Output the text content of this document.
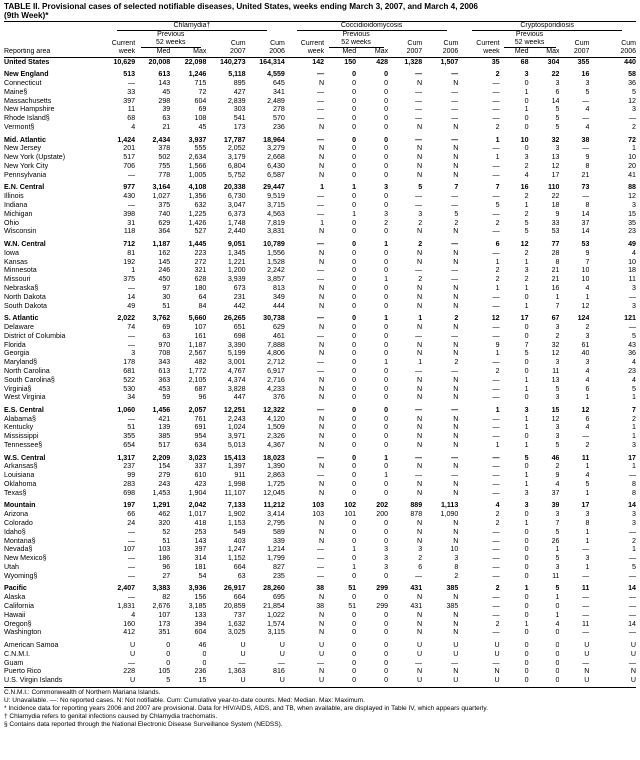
TABLE II. Provisional cases of selected notifiable diseases, United States, weeks ending March 3, 2007, and March 4, 2006
(9th Week)*
	Chlamydia†					Coccidioidomycosis					Cryptosporidiosis				
		Previous					Previous					Previous			
	Current	52 weeks		Cum	Cum	Current	52 weeks		Cum	Cum	Current	52 weeks		Cum	Cum
Reporting area	week	Med	Max	2007	2006	week	Med	Max	2007	2006	week	Med	Max	2007	2006
United States	10,629	20,008	22,098	140,273	164,314	142	150	428	1,328	1,507	35	68	304	355	440

New England	513	613	1,246	5,118	4,559	—	0	0	—	—	2	3	22	16	58
Connecticut	—	143	715	895	645	N	0	0	N	N	—	0	3	3	36
Maine§	33	45	72	427	341	—	0	0	—	—	—	1	6	5	5
Massachusetts	397	298	604	2,839	2,489	—	0	0	—	—	—	0	14	—	12
New Hampshire	11	39	69	303	278	—	0	0	—	—	—	1	5	4	3
Rhode Island§	68	63	108	541	570	—	0	0	—	—	—	0	5	—	—
Vermont§	4	21	45	173	236	N	0	0	N	N	2	0	5	4	2

Mid. Atlantic	1,424	2,434	3,937	17,787	18,964	—	0	0	—	—	1	10	32	38	72
New Jersey	201	378	555	2,052	3,279	N	0	0	N	N	—	0	3	—	1
New York (Upstate)	517	502	2,634	3,179	2,668	N	0	0	N	N	1	3	13	9	10
New York City	706	755	1,566	6,804	6,430	N	0	0	N	N	—	2	12	8	20
Pennsylvania	—	778	1,005	5,752	6,587	N	0	0	N	N	—	4	17	21	41

E.N. Central	977	3,164	4,108	20,338	29,447	1	1	3	5	7	7	16	110	73	88
Illinois	430	1,027	1,356	6,730	9,519	—	0	0	—	—	—	2	22	—	12
Indiana	—	375	632	3,047	3,715	—	0	0	—	—	5	1	18	8	3
Michigan	398	740	1,225	6,373	4,563	—	1	3	3	5	—	2	9	14	15
Ohio	31	629	1,426	1,748	7,819	1	0	2	2	2	2	5	33	37	35
Wisconsin	118	364	527	2,440	3,831	N	0	0	N	N	—	5	53	14	23

W.N. Central	712	1,187	1,445	9,051	10,789	—	0	1	2	—	6	12	77	53	49
Iowa	81	162	223	1,345	1,556	N	0	0	N	N	—	2	28	9	4
Kansas	192	145	272	1,221	1,528	N	0	0	N	N	1	1	8	7	10
Minnesota	1	246	321	1,200	2,242	—	0	0	—	—	2	3	21	10	18
Missouri	375	450	628	3,939	3,857	—	0	1	2	—	2	2	21	10	11
Nebraska§	—	97	180	673	813	N	0	0	N	N	1	1	16	4	3
North Dakota	14	30	64	231	349	N	0	0	N	N	—	0	1	1	—
South Dakota	49	51	84	442	444	N	0	0	N	N	—	1	7	12	3

S. Atlantic	2,022	3,762	5,660	26,265	30,738	—	0	1	1	2	12	17	67	124	121
Delaware	74	69	107	651	629	N	0	0	N	N	—	0	3	2	—
District of Columbia	—	63	161	698	461	—	0	0	—	—	—	0	2	3	5
Florida	—	970	1,187	3,390	7,888	N	0	0	N	N	9	7	32	61	43
Georgia	3	708	2,567	5,199	4,806	N	0	0	N	N	1	5	12	40	36
Maryland§	178	343	482	3,001	2,712	—	0	1	1	2	—	0	3	3	4
North Carolina	681	613	1,772	4,767	6,917	—	0	0	—	—	2	0	11	4	23
South Carolina§	522	363	2,105	4,374	2,716	N	0	0	N	N	—	1	13	4	4
Virginia§	530	453	687	3,828	4,233	N	0	0	N	N	—	1	5	6	5
West Virginia	34	59	96	447	376	N	0	0	N	N	—	0	3	1	1

E.S. Central	1,060	1,456	2,057	12,251	12,322	—	0	0	—	—	1	3	15	12	7
Alabama§	—	421	761	2,243	4,120	N	0	0	N	N	—	1	12	6	2
Kentucky	51	139	691	1,024	1,509	N	0	0	N	N	—	1	3	4	1
Mississippi	355	385	954	3,971	2,326	N	0	0	N	N	—	0	3	—	1
Tennessee§	654	517	634	5,013	4,367	N	0	0	N	N	1	1	5	2	3

W.S. Central	1,317	2,209	3,023	15,413	18,023	—	0	1	—	—	—	5	46	11	17
Arkansas§	237	154	337	1,397	1,390	N	0	0	N	N	—	0	2	1	1
Louisiana	99	279	610	911	2,863	—	0	1	—	—	—	1	9	4	—
Oklahoma	283	243	423	1,998	1,725	N	0	0	N	N	—	1	4	5	8
Texas§	698	1,453	1,904	11,107	12,045	N	0	0	N	N	—	3	37	1	8

Mountain	197	1,291	2,042	7,133	11,212	103	102	202	889	1,113	4	3	39	17	14
Arizona	66	462	1,017	1,902	3,414	103	101	200	878	1,090	2	0	3	3	3
Colorado	24	320	418	1,153	2,795	N	0	0	N	N	2	1	7	8	3
Idaho§	—	52	253	549	589	N	0	0	N	N	—	0	5	1	—
Montana§	—	51	143	403	339	N	0	0	N	N	—	0	26	1	2
Nevada§	107	103	397	1,247	1,214	—	1	3	3	10	—	0	1	—	1
New Mexico§	—	186	314	1,152	1,799	—	0	3	2	3	—	0	5	3	—
Utah	—	96	181	664	827	—	1	3	6	8	—	0	3	1	5
Wyoming§	—	27	54	63	235	—	0	0	—	2	—	0	11	—	—

Pacific	2,407	3,383	3,936	26,917	28,260	38	51	299	431	385	2	1	5	11	14
Alaska	—	82	156	664	695	N	0	0	N	N	—	0	1	—	—
California	1,831	2,676	3,185	20,859	21,854	38	51	299	431	385	—	0	0	—	—
Hawaii	4	107	133	737	1,022	N	0	0	N	N	—	0	1	—	—
Oregon§	160	173	394	1,632	1,574	N	0	0	N	N	2	1	4	11	14
Washington	412	351	604	3,025	3,115	N	0	0	N	N	—	0	0	—	—

American Samoa	U	0	46	U	U	U	0	0	U	U	U	0	0	U	U
C.N.M.I.	U	0	0	U	U	U	0	0	U	U	U	0	0	U	U
Guam	—	0	0	—	—	—	0	0	—	—	—	0	0	—	—
Puerto Rico	228	105	236	1,363	816	N	0	0	N	N	N	0	0	N	N
U.S. Virgin Islands	U	5	15	U	U	U	0	0	U	U	U	0	0	U	U
C.N.M.I.: Commonwealth of Northern Mariana Islands.
U: Unavailable. —: No reported cases. N: Not notifiable. Cum: Cumulative year-to-date counts. Med: Median. Max: Maximum.
* Incidence data for reporting years 2006 and 2007 are provisional. Data for HIV/AIDS, AIDS, and TB, when available, are displayed in Table IV, which appears quarterly.
† Chlamydia refers to genital infections caused by Chlamydia trachomatis.
§ Contains data reported through the National Electronic Disease Surveillance System (NEDSS).
